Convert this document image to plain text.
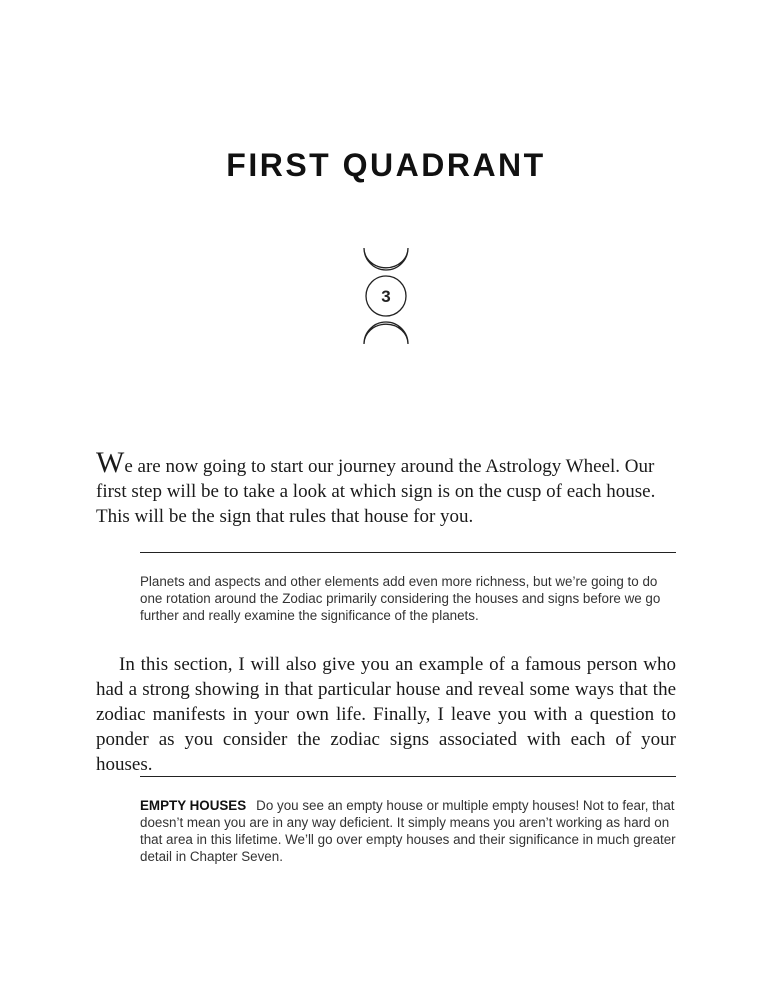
FIRST QUADRANT
3

We are now going to start our journey around the Astrology Wheel. Our first step will be to take a look at which sign is on the cusp of each house. This will be the sign that rules that house for you.

Planets and aspects and other elements add even more richness, but we’re going to do one rotation around the Zodiac primarily considering the houses and signs before we go further and really examine the significance of the planets.

In this section, I will also give you an example of a famous person who had a strong showing in that particular house and reveal some ways that the zodiac manifests in your own life. Finally, I leave you with a question to ponder as you consider the zodiac signs associated with each of your houses.

EMPTY HOUSES Do you see an empty house or multiple empty houses! Not to fear, that doesn’t mean you are in any way deficient. It simply means you aren’t working as hard on that area in this lifetime. We’ll go over empty houses and their significance in much greater detail in Chapter Seven.
